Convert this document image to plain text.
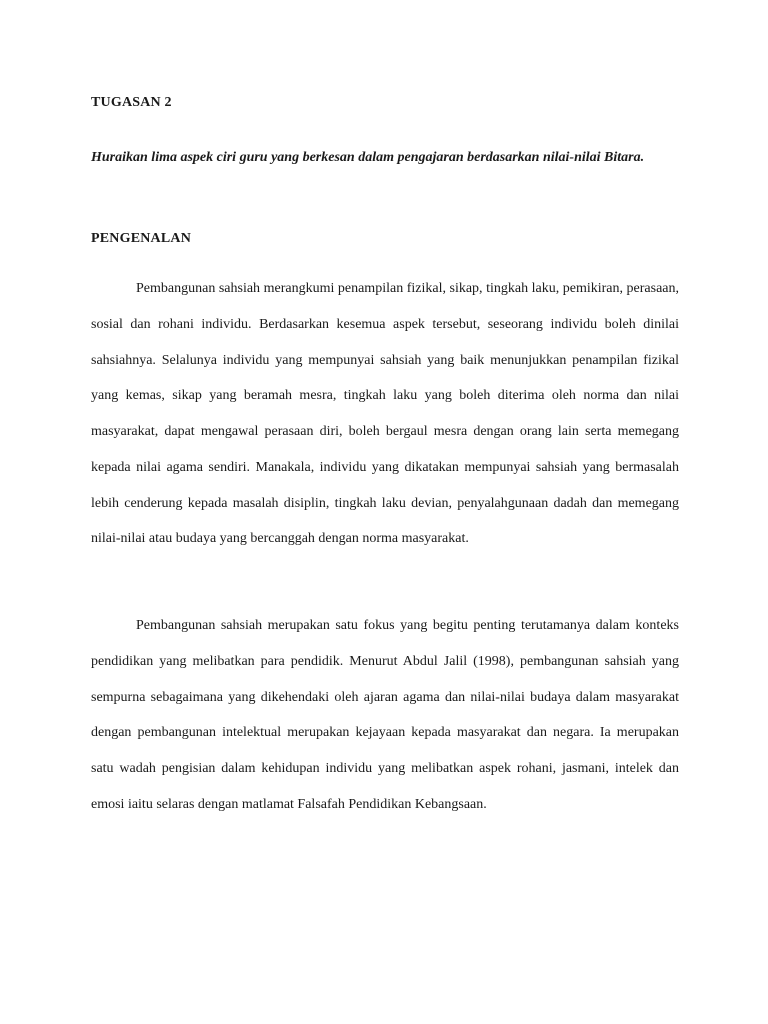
TUGASAN 2

Huraikan lima aspek ciri guru yang berkesan dalam pengajaran berdasarkan nilai-nilai Bitara.

PENGENALAN

Pembangunan sahsiah merangkumi penampilan fizikal, sikap, tingkah laku, pemikiran, perasaan, sosial dan rohani individu. Berdasarkan kesemua aspek tersebut, seseorang individu boleh dinilai sahsiahnya. Selalunya individu yang mempunyai sahsiah yang baik menunjukkan penampilan fizikal yang kemas, sikap yang beramah mesra, tingkah laku yang boleh diterima oleh norma dan nilai masyarakat, dapat mengawal perasaan diri, boleh bergaul mesra dengan orang lain serta memegang kepada nilai agama sendiri. Manakala, individu yang dikatakan mempunyai sahsiah yang bermasalah lebih cenderung kepada masalah disiplin, tingkah laku devian, penyalahgunaan dadah dan memegang nilai-nilai atau budaya yang bercanggah dengan norma masyarakat.

Pembangunan sahsiah merupakan satu fokus yang begitu penting terutamanya dalam konteks pendidikan yang melibatkan para pendidik. Menurut Abdul Jalil (1998), pembangunan sahsiah yang sempurna sebagaimana yang dikehendaki oleh ajaran agama dan nilai-nilai budaya dalam masyarakat dengan pembangunan intelektual merupakan kejayaan kepada masyarakat dan negara. Ia merupakan satu wadah pengisian dalam kehidupan individu yang melibatkan aspek rohani, jasmani, intelek dan emosi iaitu selaras dengan matlamat Falsafah Pendidikan Kebangsaan.
